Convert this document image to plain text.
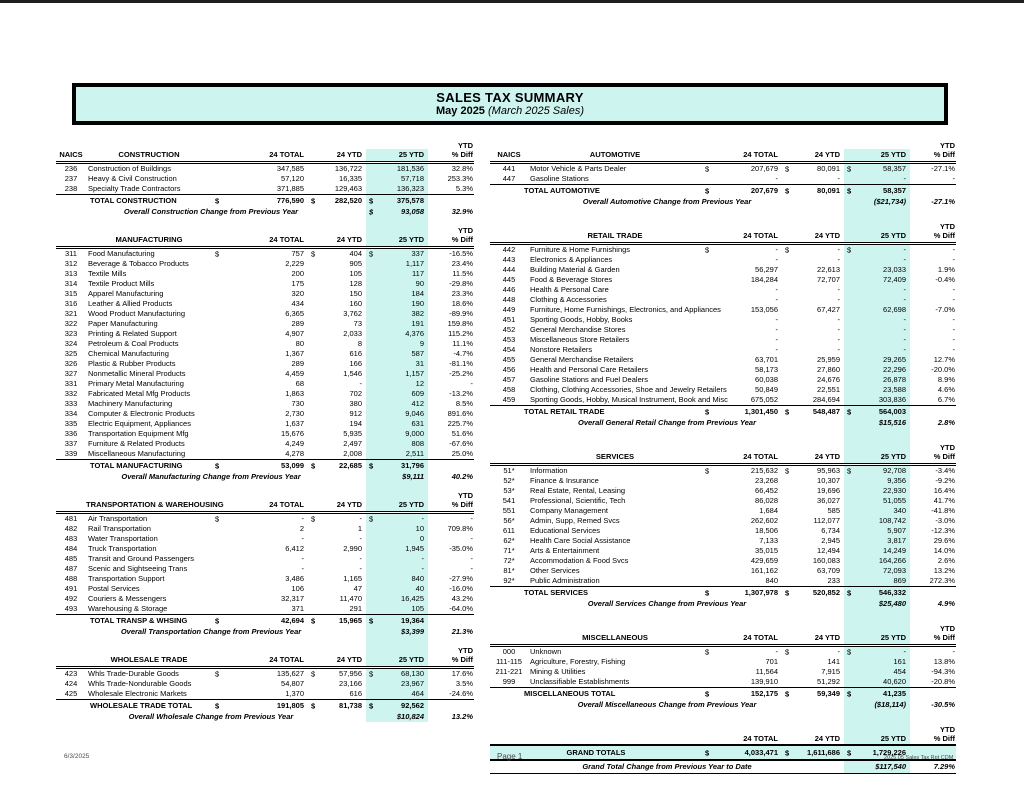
SALES TAX SUMMARY
May 2025 (March 2025 Sales)
					YTD
NAICS	CONSTRUCTION	24 TOTAL	24 YTD	25 YTD	% Diff
236	Construction of Buildings	347,585	136,722	181,536	32.8%
237	Heavy & Civil Construction	57,120	16,335	57,718	253.3%
238	Specialty Trade Contractors	371,885	129,463	136,323	5.3%
TOTAL CONSTRUCTION		$ 776,590	$ 282,520	$ 375,578	
Overall Construction Change from Previous Year				$ 93,058	32.9%

					YTD
	MANUFACTURING	24 TOTAL	24 YTD	25 YTD	% Diff
311	Food Manufacturing	$ 757	$ 404	$ 337	-16.5%
312	Beverage & Tobacco Products	2,229	905	1,117	23.4%
313	Textile Mills	200	105	117	11.5%
314	Textile Product Mills	175	128	90	-29.8%
315	Apparel Manufacturing	320	150	184	23.3%
316	Leather & Allied Products	434	160	190	18.6%
321	Wood Product Manufacturing	6,365	3,762	382	-89.9%
322	Paper Manufacturing	289	73	191	159.8%
323	Printing & Related Support	4,907	2,033	4,376	115.2%
324	Petroleum & Coal Products	80	8	9	11.1%
325	Chemical Manufacturing	1,367	616	587	-4.7%
326	Plastic & Rubber Products	289	166	31	-81.1%
327	Nonmetallic Mineral Products	4,459	1,546	1,157	-25.2%
331	Primary Metal Manufacturing	68	-	12	-
332	Fabricated Metal Mfg Products	1,863	702	609	-13.2%
333	Machinery Manufacturing	730	380	412	8.5%
334	Computer & Electronic Products	2,730	912	9,046	891.6%
335	Electric Equipment, Appliances	1,637	194	631	225.7%
336	Transportation Equipment Mfg	15,676	5,935	9,000	51.6%
337	Furniture & Related Products	4,249	2,497	808	-67.6%
339	Miscellaneous Manufacturing	4,278	2,008	2,511	25.0%
TOTAL MANUFACTURING		$ 53,099	$ 22,685	$ 31,796	
Overall Manufacturing Change from Previous Year				$9,111	40.2%

					YTD
	TRANSPORTATION & WAREHOUSING	24 TOTAL	24 YTD	25 YTD	% Diff
481	Air Transportation	$ -	$ -	$ -	-
482	Rail Transportation	2	1	10	709.8%
483	Water Transportation	-	-	0	-
484	Truck Transportation	6,412	2,990	1,945	-35.0%
485	Transit and Ground Passengers	-	-	-	-
487	Scenic and Sightseeing Trans	-	-	-	-
488	Transportation Support	3,486	1,165	840	-27.9%
491	Postal Services	106	47	40	-16.0%
492	Couriers & Messengers	32,317	11,470	16,425	43.2%
493	Warehousing & Storage	371	291	105	-64.0%
TOTAL TRANSP & WHSING		$ 42,694	$ 15,965	$ 19,364	
Overall Transportation Change from Previous Year				$3,399	21.3%

					YTD
	WHOLESALE TRADE	24 TOTAL	24 YTD	25 YTD	% Diff
423	Whls Trade-Durable Goods	$ 135,627	$ 57,956	$ 68,130	17.6%
424	Whls Trade-Nondurable Goods	54,807	23,166	23,967	3.5%
425	Wholesale Electronic Markets	1,370	616	464	-24.6%
WHOLESALE TRADE TOTAL		$ 191,805	$ 81,738	$ 92,562	
Overall Wholesale Change from Previous Year				$10,824	13.2%
					YTD
NAICS	AUTOMOTIVE	24 TOTAL	24 YTD	25 YTD	% Diff
441	Motor Vehicle & Parts Dealer	$ 207,679	$ 80,091	$ 58,357	-27.1%
447	Gasoline Stations	-	-	-	-
TOTAL AUTOMOTIVE		$ 207,679	$ 80,091	$ 58,357	
Overall Automotive Change from Previous Year				($21,734)	-27.1%

					YTD
	RETAIL TRADE	24 TOTAL	24 YTD	25 YTD	% Diff
442	Furniture & Home Furnishings	$ -	$ -	$ -	-
443	Electronics & Appliances	-	-	-	-
444	Building Material & Garden	56,297	22,613	23,033	1.9%
445	Food & Beverage Stores	184,284	72,707	72,409	-0.4%
446	Health & Personal Care	-	-	-	-
448	Clothing & Accessories	-	-	-	-
449	Furniture, Home Furnishings, Electronics, and Appliances	153,056	67,427	62,698	-7.0%
451	Sporting Goods, Hobby, Books	-	-	-	-
452	General Merchandise Stores	-	-	-	-
453	Miscellaneous Store Retailers	-	-	-	-
454	Nonstore Retailers	-	-	-	-
455	General Merchandise Retailers	63,701	25,959	29,265	12.7%
456	Health and Personal Care Retailers	58,173	27,860	22,296	-20.0%
457	Gasoline Stations and Fuel Dealers	60,038	24,676	26,878	8.9%
458	Clothing, Clothing Accessories, Shoe and Jewelry Retailers	50,849	22,551	23,588	4.6%
459	Sporting Goods, Hobby, Musical Instrument, Book and Misc	675,052	284,694	303,836	6.7%
TOTAL RETAIL TRADE		$ 1,301,450	$ 548,487	$ 564,003	
Overall General Retail Change from Previous Year				$15,516	2.8%

					YTD
	SERVICES	24 TOTAL	24 YTD	25 YTD	% Diff
51*	Information	$ 215,632	$ 95,963	$ 92,708	-3.4%
52*	Finance & Insurance	23,268	10,307	9,356	-9.2%
53*	Real Estate, Rental, Leasing	66,452	19,696	22,930	16.4%
541	Professional, Scientific, Tech	86,028	36,027	51,055	41.7%
551	Company Management	1,684	585	340	-41.8%
56*	Admin, Supp, Remed Svcs	262,602	112,077	108,742	-3.0%
611	Educational Services	18,506	6,734	5,907	-12.3%
62*	Health Care Social Assistance	7,133	2,945	3,817	29.6%
71*	Arts & Entertainment	35,015	12,494	14,249	14.0%
72*	Accommodation & Food Svcs	429,659	160,083	164,266	2.6%
81*	Other Services	161,162	63,709	72,093	13.2%
92*	Public Administration	840	233	869	272.3%
TOTAL SERVICES		$ 1,307,978	$ 520,852	$ 546,332	
Overall Services Change from Previous Year				$25,480	4.9%

					YTD
	MISCELLANEOUS	24 TOTAL	24 YTD	25 YTD	% Diff
000	Unknown	$ -	$ -	$ -	-
111-115	Agriculture, Forestry, Fishing	701	141	161	13.8%
211-221	Mining & Utilities	11,564	7,915	454	-94.3%
999	Unclassifiable Establishments	139,910	51,292	40,620	-20.8%
MISCELLANEOUS TOTAL		$ 152,175	$ 59,349	$ 41,235	
Overall Miscellaneous Change from Previous Year				($18,114)	-30.5%

					YTD
		24 TOTAL	24 YTD	25 YTD	% Diff
GRAND TOTALS		$ 4,033,471	$ 1,611,686	$ 1,729,226	
Grand Total Change from Previous Year to Date				$117,540	7.29%
6/3/2025	Page 1	2025.05 Sales Tax Rpt CDM
